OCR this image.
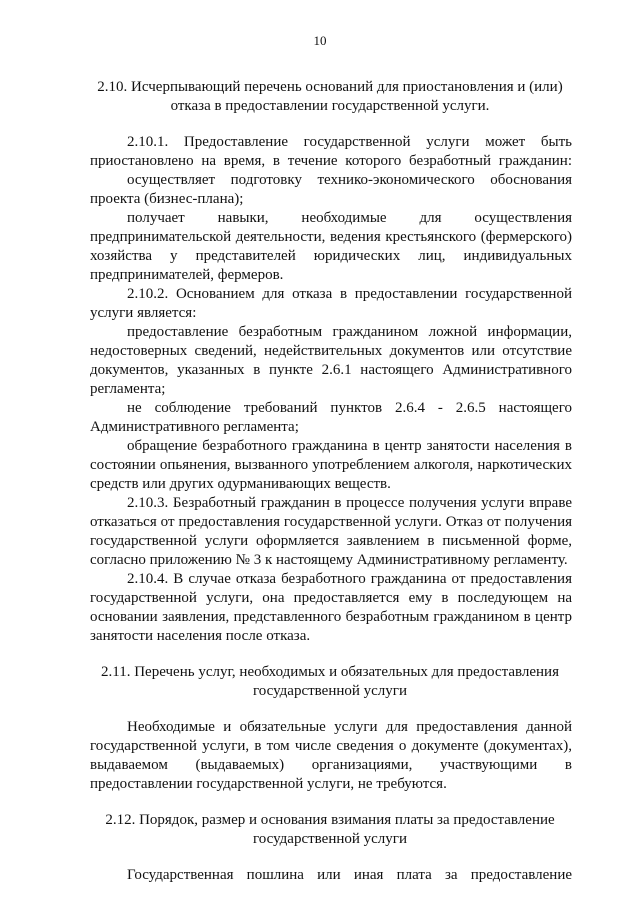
10
2.10. Исчерпывающий перечень оснований для приостановления и (или)
отказа в предоставлении государственной услуги.
2.10.1. Предоставление государственной услуги может быть
приостановлено на время, в течение которого безработный гражданин:
осуществляет подготовку технико-экономического обоснования
проекта (бизнес-плана);
получает навыки, необходимые для осуществления
предпринимательской деятельности, ведения крестьянского (фермерского)
хозяйства у представителей юридических лиц, индивидуальных
предпринимателей, фермеров.
2.10.2. Основанием для отказа в предоставлении государственной
услуги является:
предоставление безработным гражданином ложной информации,
недостоверных сведений, недействительных документов или отсутствие
документов, указанных в пункте 2.6.1 настоящего Административного
регламента;
не соблюдение требований пунктов 2.6.4 - 2.6.5 настоящего
Административного регламента;
обращение безработного гражданина в центр занятости населения в
состоянии опьянения, вызванного употреблением алкоголя, наркотических
средств или других одурманивающих веществ.
2.10.3. Безработный гражданин в процессе получения услуги вправе
отказаться от предоставления государственной услуги. Отказ от получения
государственной услуги оформляется заявлением в письменной форме,
согласно приложению № 3 к настоящему Административному регламенту.
2.10.4. В случае отказа безработного гражданина от предоставления
государственной услуги, она предоставляется ему в последующем на
основании заявления, представленного безработным гражданином в центр
занятости населения после отказа.
2.11. Перечень услуг, необходимых и обязательных для предоставления
государственной услуги
Необходимые и обязательные услуги для предоставления данной
государственной услуги, в том числе сведения о документе (документах),
выдаваемом (выдаваемых) организациями, участвующими в
предоставлении государственной услуги, не требуются.
2.12. Порядок, размер и основания взимания платы за предоставление
государственной услуги
Государственная пошлина или иная плата за предоставление
